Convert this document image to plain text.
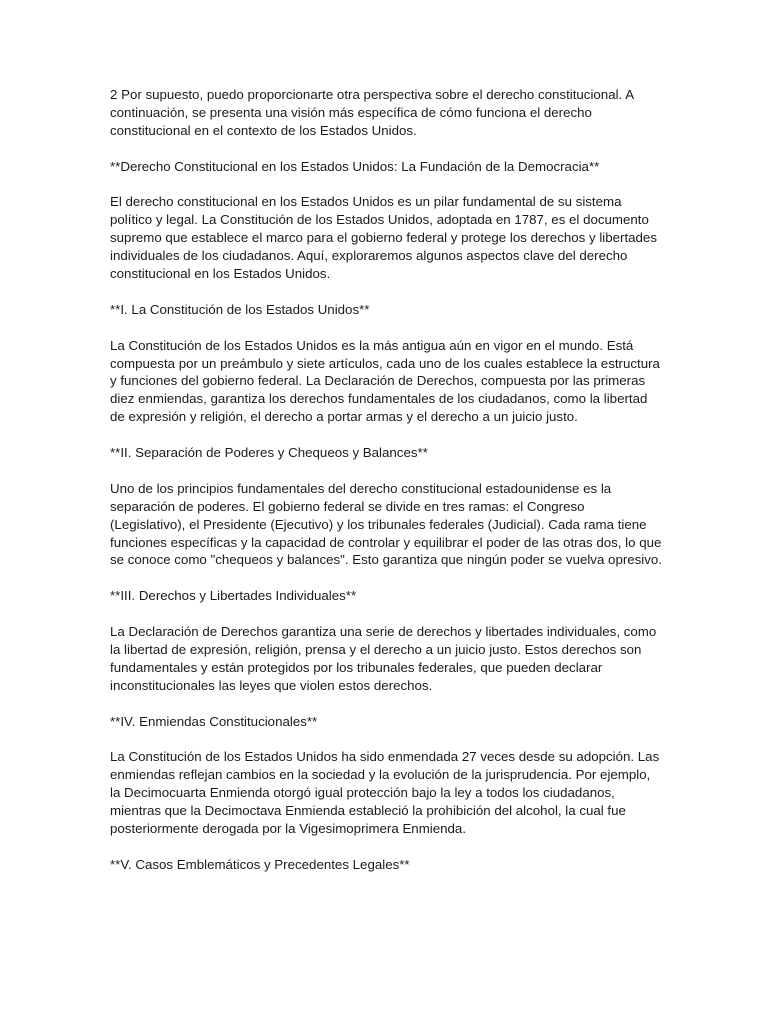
2 Por supuesto, puedo proporcionarte otra perspectiva sobre el derecho constitucional. A continuación, se presenta una visión más específica de cómo funciona el derecho constitucional en el contexto de los Estados Unidos.

**Derecho Constitucional en los Estados Unidos: La Fundación de la Democracia**

El derecho constitucional en los Estados Unidos es un pilar fundamental de su sistema político y legal. La Constitución de los Estados Unidos, adoptada en 1787, es el documento supremo que establece el marco para el gobierno federal y protege los derechos y libertades individuales de los ciudadanos. Aquí, exploraremos algunos aspectos clave del derecho constitucional en los Estados Unidos.

**I. La Constitución de los Estados Unidos**

La Constitución de los Estados Unidos es la más antigua aún en vigor en el mundo. Está compuesta por un preámbulo y siete artículos, cada uno de los cuales establece la estructura y funciones del gobierno federal. La Declaración de Derechos, compuesta por las primeras diez enmiendas, garantiza los derechos fundamentales de los ciudadanos, como la libertad de expresión y religión, el derecho a portar armas y el derecho a un juicio justo.

**II. Separación de Poderes y Chequeos y Balances**

Uno de los principios fundamentales del derecho constitucional estadounidense es la separación de poderes. El gobierno federal se divide en tres ramas: el Congreso (Legislativo), el Presidente (Ejecutivo) y los tribunales federales (Judicial). Cada rama tiene funciones específicas y la capacidad de controlar y equilibrar el poder de las otras dos, lo que se conoce como "chequeos y balances". Esto garantiza que ningún poder se vuelva opresivo.

**III. Derechos y Libertades Individuales**

La Declaración de Derechos garantiza una serie de derechos y libertades individuales, como la libertad de expresión, religión, prensa y el derecho a un juicio justo. Estos derechos son fundamentales y están protegidos por los tribunales federales, que pueden declarar inconstitucionales las leyes que violen estos derechos.

**IV. Enmiendas Constitucionales**

La Constitución de los Estados Unidos ha sido enmendada 27 veces desde su adopción. Las enmiendas reflejan cambios en la sociedad y la evolución de la jurisprudencia. Por ejemplo, la Decimocuarta Enmienda otorgó igual protección bajo la ley a todos los ciudadanos, mientras que la Decimoctava Enmienda estableció la prohibición del alcohol, la cual fue posteriormente derogada por la Vigesimoprimera Enmienda.

**V. Casos Emblemáticos y Precedentes Legales**
